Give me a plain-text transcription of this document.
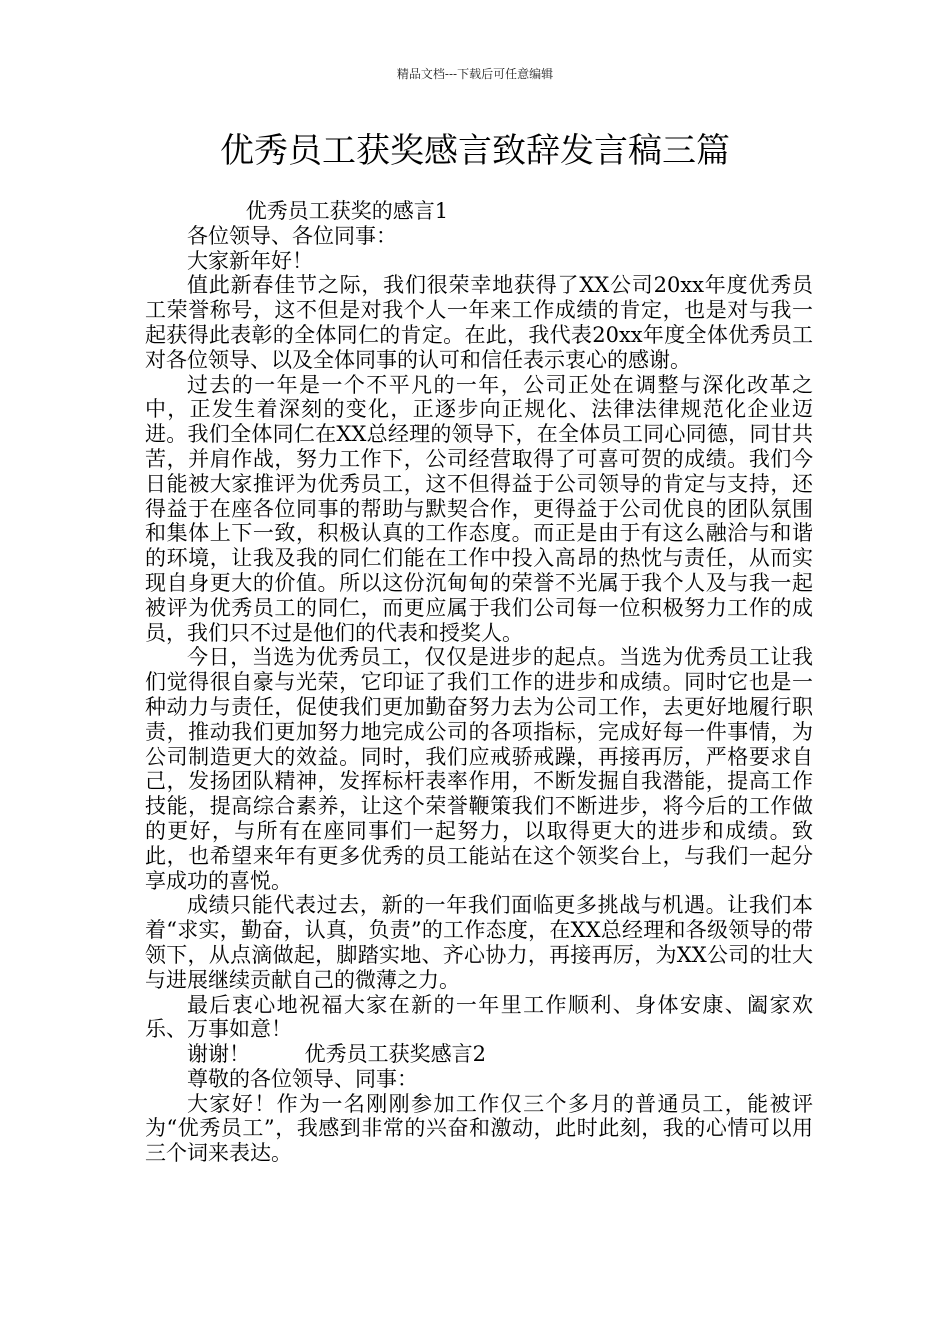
精品文档---下载后可任意编辑
优秀员工获奖感言致辞发言稿三篇

优秀员工获奖的感言1

各位领导、各位同事：

大家新年好！

值此新春佳节之际，我们很荣幸地获得了XX公司20xx年度优秀员工荣誉称号，这不但是对我个人一年来工作成绩的肯定，也是对与我一起获得此表彰的全体同仁的肯定。在此，我代表20xx年度全体优秀员工对各位领导、以及全体同事的认可和信任表示衷心的感谢。

过去的一年是一个不平凡的一年，公司正处在调整与深化改革之中，正发生着深刻的变化，正逐步向正规化、法律法律规范化企业迈进。我们全体同仁在XX总经理的领导下，在全体员工同心同德，同甘共苦，并肩作战，努力工作下，公司经营取得了可喜可贺的成绩。我们今日能被大家推评为优秀员工，这不但得益于公司领导的肯定与支持，还得益于在座各位同事的帮助与默契合作，更得益于公司优良的团队氛围和集体上下一致，积极认真的工作态度。而正是由于有这么融洽与和谐的环境，让我及我的同仁们能在工作中投入高昂的热忱与责任，从而实现自身更大的价值。所以这份沉甸甸的荣誉不光属于我个人及与我一起被评为优秀员工的同仁，而更应属于我们公司每一位积极努力工作的成员，我们只不过是他们的代表和授奖人。

今日，当选为优秀员工，仅仅是进步的起点。当选为优秀员工让我们觉得很自豪与光荣，它印证了我们工作的进步和成绩。同时它也是一种动力与责任，促使我们更加勤奋努力去为公司工作，去更好地履行职责，推动我们更加努力地完成公司的各项指标，完成好每一件事情，为公司制造更大的效益。同时，我们应戒骄戒躁，再接再厉，严格要求自己，发扬团队精神，发挥标杆表率作用，不断发掘自我潜能，提高工作技能，提高综合素养，让这个荣誉鞭策我们不断进步，将今后的工作做的更好，与所有在座同事们一起努力，以取得更大的进步和成绩。致此，也希望来年有更多优秀的员工能站在这个领奖台上，与我们一起分享成功的喜悦。

成绩只能代表过去，新的一年我们面临更多挑战与机遇。让我们本着“求实，勤奋，认真，负责”的工作态度，在XX总经理和各级领导的带领下，从点滴做起，脚踏实地、齐心协力，再接再厉，为XX公司的壮大与进展继续贡献自己的微薄之力。

最后衷心地祝福大家在新的一年里工作顺利、身体安康、阖家欢乐、万事如意！

谢谢！	优秀员工获奖感言2

尊敬的各位领导、同事：

大家好！作为一名刚刚参加工作仅三个多月的普通员工，能被评为“优秀员工”，我感到非常的兴奋和激动，此时此刻，我的心情可以用三个词来表达。
